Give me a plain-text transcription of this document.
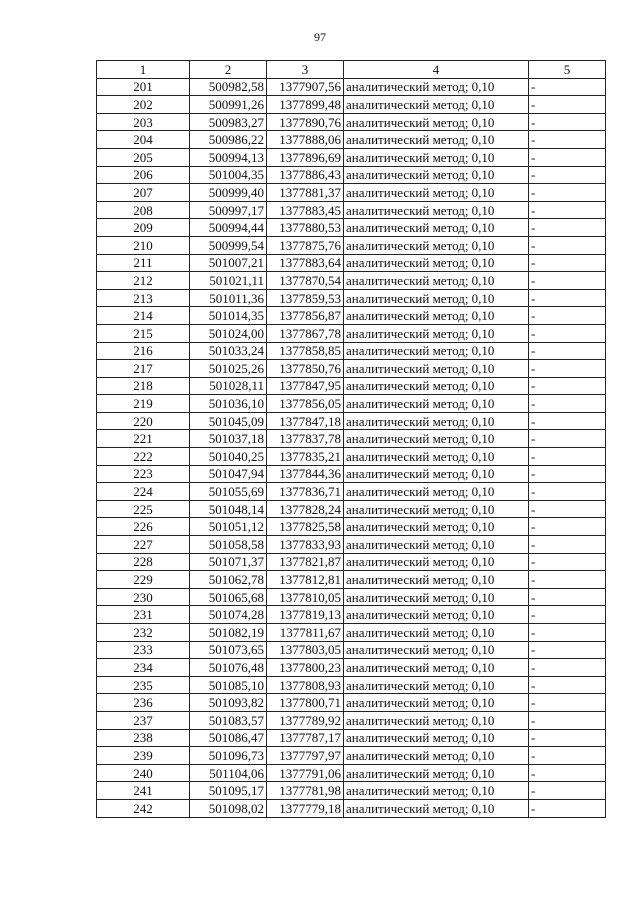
97
1	2	3	4	5
201	500982,58	1377907,56	аналитический метод; 0,10	-
202	500991,26	1377899,48	аналитический метод; 0,10	-
203	500983,27	1377890,76	аналитический метод; 0,10	-
204	500986,22	1377888,06	аналитический метод; 0,10	-
205	500994,13	1377896,69	аналитический метод; 0,10	-
206	501004,35	1377886,43	аналитический метод; 0,10	-
207	500999,40	1377881,37	аналитический метод; 0,10	-
208	500997,17	1377883,45	аналитический метод; 0,10	-
209	500994,44	1377880,53	аналитический метод; 0,10	-
210	500999,54	1377875,76	аналитический метод; 0,10	-
211	501007,21	1377883,64	аналитический метод; 0,10	-
212	501021,11	1377870,54	аналитический метод; 0,10	-
213	501011,36	1377859,53	аналитический метод; 0,10	-
214	501014,35	1377856,87	аналитический метод; 0,10	-
215	501024,00	1377867,78	аналитический метод; 0,10	-
216	501033,24	1377858,85	аналитический метод; 0,10	-
217	501025,26	1377850,76	аналитический метод; 0,10	-
218	501028,11	1377847,95	аналитический метод; 0,10	-
219	501036,10	1377856,05	аналитический метод; 0,10	-
220	501045,09	1377847,18	аналитический метод; 0,10	-
221	501037,18	1377837,78	аналитический метод; 0,10	-
222	501040,25	1377835,21	аналитический метод; 0,10	-
223	501047,94	1377844,36	аналитический метод; 0,10	-
224	501055,69	1377836,71	аналитический метод; 0,10	-
225	501048,14	1377828,24	аналитический метод; 0,10	-
226	501051,12	1377825,58	аналитический метод; 0,10	-
227	501058,58	1377833,93	аналитический метод; 0,10	-
228	501071,37	1377821,87	аналитический метод; 0,10	-
229	501062,78	1377812,81	аналитический метод; 0,10	-
230	501065,68	1377810,05	аналитический метод; 0,10	-
231	501074,28	1377819,13	аналитический метод; 0,10	-
232	501082,19	1377811,67	аналитический метод; 0,10	-
233	501073,65	1377803,05	аналитический метод; 0,10	-
234	501076,48	1377800,23	аналитический метод; 0,10	-
235	501085,10	1377808,93	аналитический метод; 0,10	-
236	501093,82	1377800,71	аналитический метод; 0,10	-
237	501083,57	1377789,92	аналитический метод; 0,10	-
238	501086,47	1377787,17	аналитический метод; 0,10	-
239	501096,73	1377797,97	аналитический метод; 0,10	-
240	501104,06	1377791,06	аналитический метод; 0,10	-
241	501095,17	1377781,98	аналитический метод; 0,10	-
242	501098,02	1377779,18	аналитический метод; 0,10	-
